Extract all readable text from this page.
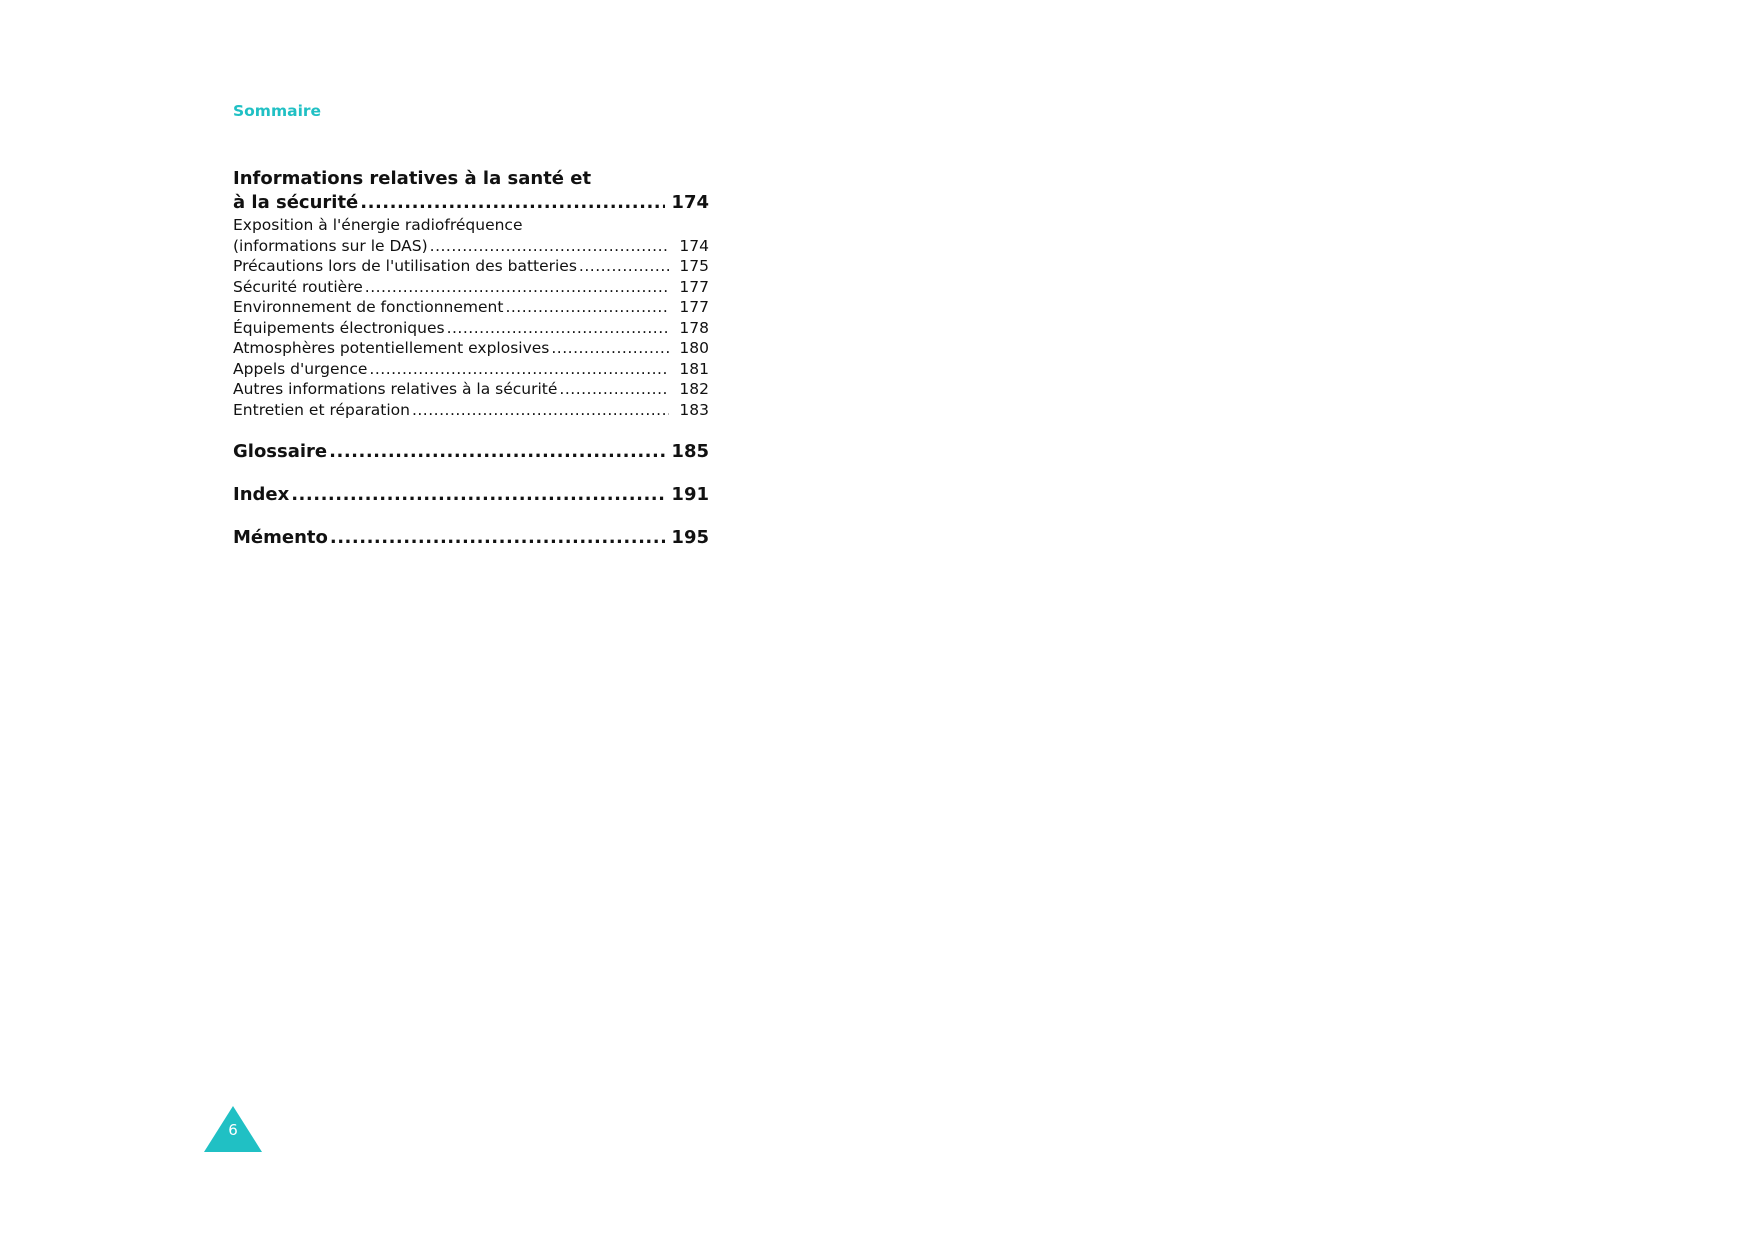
Sommaire
Informations relatives à la santé et
à la sécurité .....	174
Exposition à l'énergie radiofréquence
(informations sur le DAS) .....	174
Précautions lors de l'utilisation des batteries .....	175
Sécurité routière .....	177
Environnement de fonctionnement .....	177
Équipements électroniques .....	178
Atmosphères potentiellement explosives .....	180
Appels d'urgence .....	181
Autres informations relatives à la sécurité .....	182
Entretien et réparation .....	183
Glossaire .....	185
Index .....	191
Mémento .....	195
6
